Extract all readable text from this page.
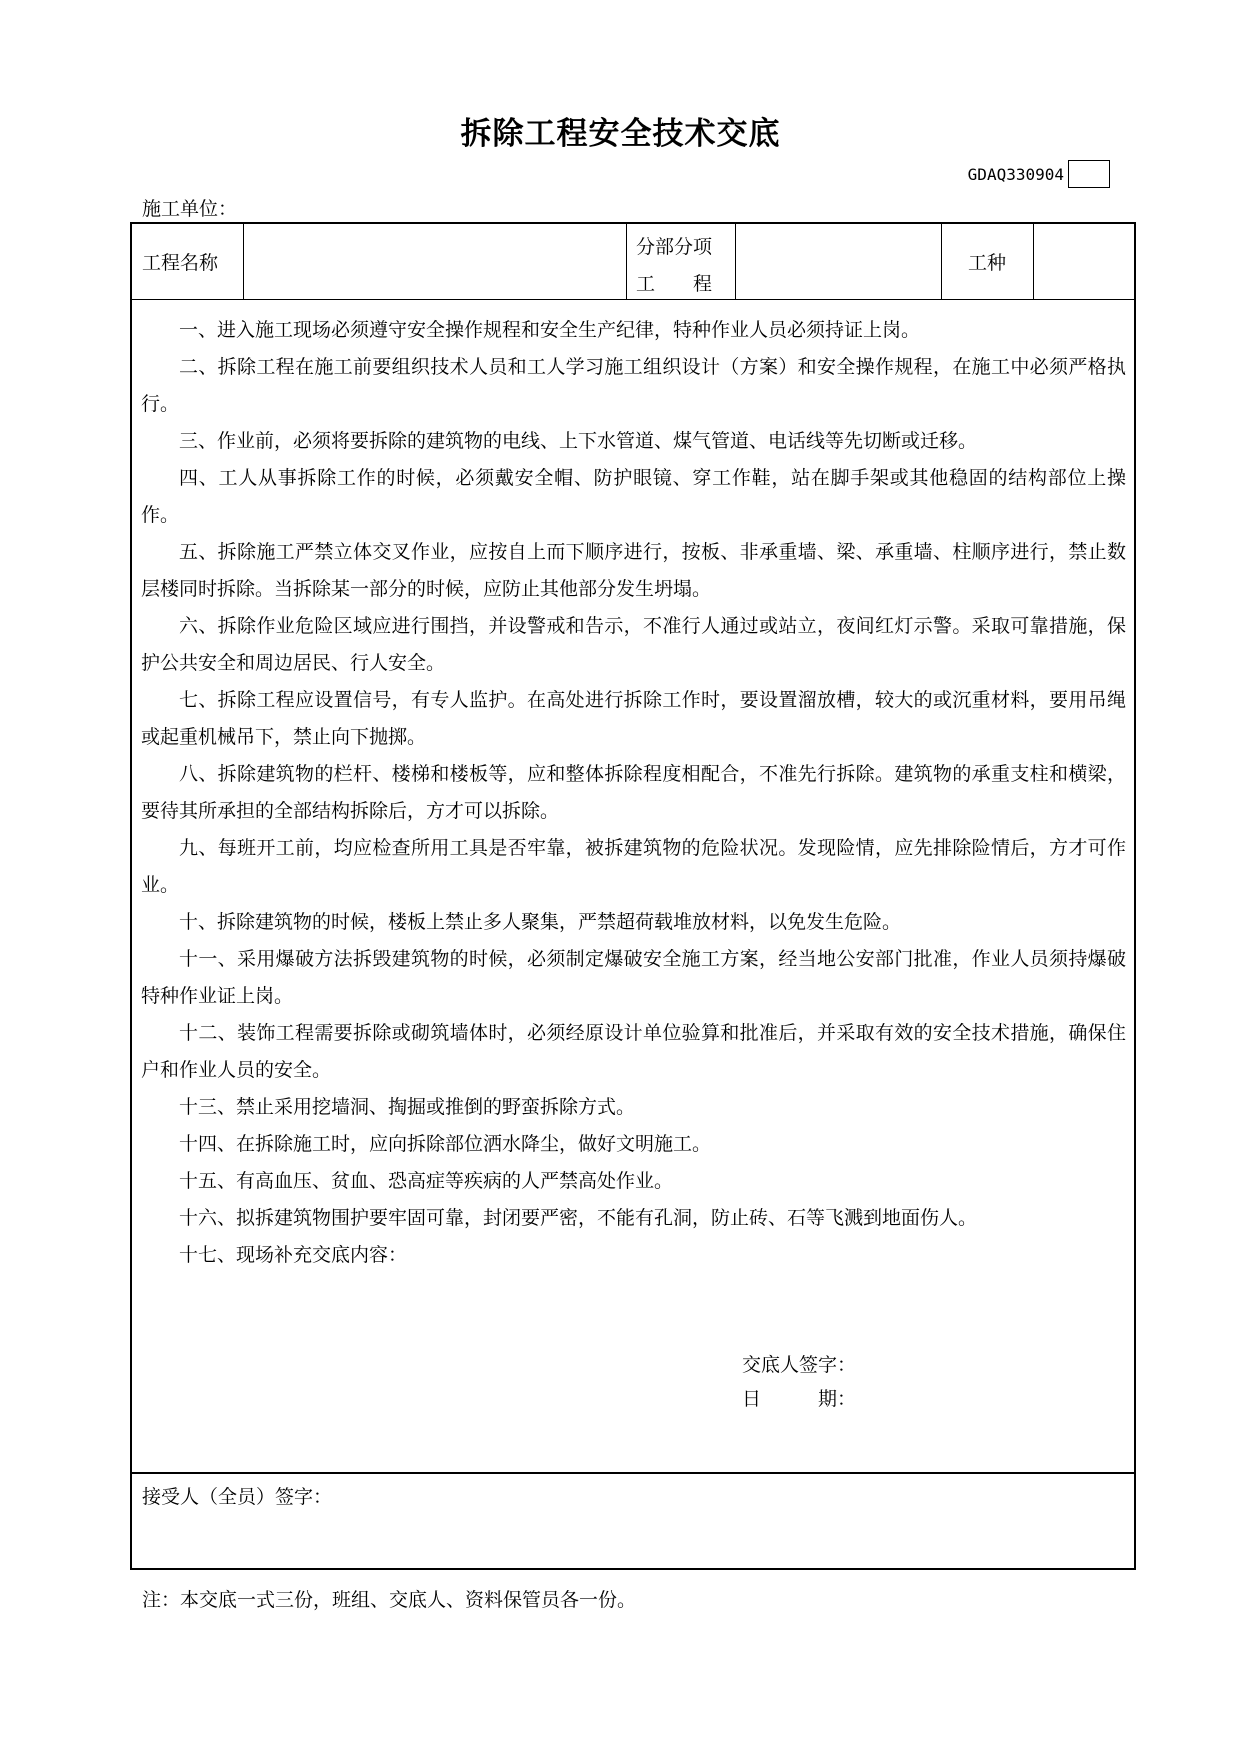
拆除工程安全技术交底
GDAQ330904
施工单位：
工程名称
分部分项
工　　程
工种

一、进入施工现场必须遵守安全操作规程和安全生产纪律，特种作业人员必须持证上岗。

二、拆除工程在施工前要组织技术人员和工人学习施工组织设计（方案）和安全操作规程，在施工中必须严格执行。

三、作业前，必须将要拆除的建筑物的电线、上下水管道、煤气管道、电话线等先切断或迁移。

四、工人从事拆除工作的时候，必须戴安全帽、防护眼镜、穿工作鞋，站在脚手架或其他稳固的结构部位上操作。

五、拆除施工严禁立体交叉作业，应按自上而下顺序进行，按板、非承重墙、梁、承重墙、柱顺序进行，禁止数层楼同时拆除。当拆除某一部分的时候，应防止其他部分发生坍塌。

六、拆除作业危险区域应进行围挡，并设警戒和告示，不准行人通过或站立，夜间红灯示警。采取可靠措施，保护公共安全和周边居民、行人安全。

七、拆除工程应设置信号，有专人监护。在高处进行拆除工作时，要设置溜放槽，较大的或沉重材料，要用吊绳或起重机械吊下，禁止向下抛掷。

八、拆除建筑物的栏杆、楼梯和楼板等，应和整体拆除程度相配合，不准先行拆除。建筑物的承重支柱和横梁，要待其所承担的全部结构拆除后，方才可以拆除。

九、每班开工前，均应检查所用工具是否牢靠，被拆建筑物的危险状况。发现险情，应先排除险情后，方才可作业。

十、拆除建筑物的时候，楼板上禁止多人聚集，严禁超荷载堆放材料，以免发生危险。

十一、采用爆破方法拆毁建筑物的时候，必须制定爆破安全施工方案，经当地公安部门批准，作业人员须持爆破特种作业证上岗。

十二、装饰工程需要拆除或砌筑墙体时，必须经原设计单位验算和批准后，并采取有效的安全技术措施，确保住户和作业人员的安全。

十三、禁止采用挖墙洞、掏掘或推倒的野蛮拆除方式。

十四、在拆除施工时，应向拆除部位洒水降尘，做好文明施工。

十五、有高血压、贫血、恐高症等疾病的人严禁高处作业。

十六、拟拆建筑物围护要牢固可靠，封闭要严密，不能有孔洞，防止砖、石等飞溅到地面伤人。

十七、现场补充交底内容：

交底人签字：
日　　　期：
接受人（全员）签字：
注：本交底一式三份，班组、交底人、资料保管员各一份。
